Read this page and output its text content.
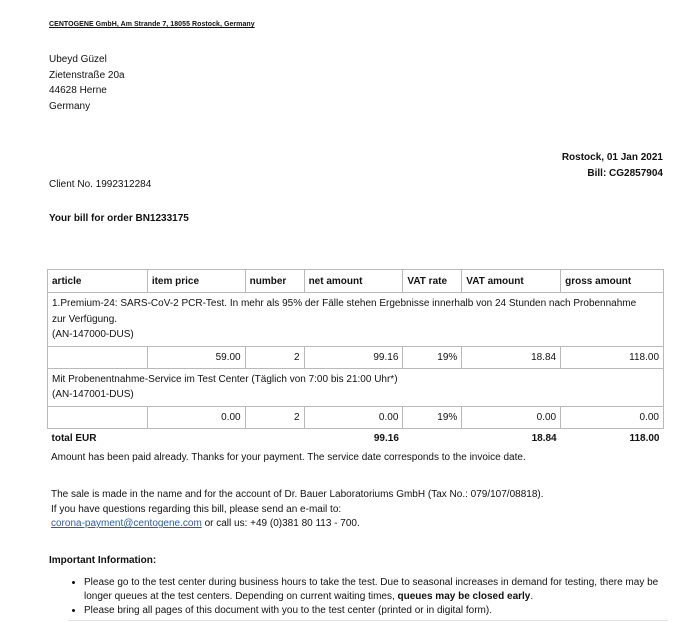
CENTOGENE GmbH, Am Strande 7, 18055 Rostock, Germany
Ubeyd Güzel
Zietenstraße 20a
44628 Herne
Germany
Rostock, 01 Jan 2021
Bill: CG2857904
Client No. 1992312284
Your bill for order BN1233175
article	item price	number	net amount	VAT rate	VAT amount	gross amount

1.Premium-24: SARS-CoV-2 PCR-Test. In mehr als 95% der Fälle stehen Ergebnisse innerhalb von 24 Stunden nach Probennahme
zur Verfügung.
(AN-147000-DUS)						

	59.00	2	99.16	19%	18.84	118.00

Mit Probenentnahme-Service im Test Center (Täglich von 7:00 bis 21:00 Uhr*)
(AN-147001-DUS)						

	0.00	2	0.00	19%	0.00	0.00
total EUR			99.16		18.84	118.00
Amount has been paid already. Thanks for your payment. The service date corresponds to the invoice date.
The sale is made in the name and for the account of Dr. Bauer Laboratoriums GmbH (Tax No.: 079/107/08818).
If you have questions regarding this bill, please send an e-mail to:
corona-payment@centogene.com or call us: +49 (0)381 80 113 - 700.
Important Information:
• Please go to the test center during business hours to take the test. Due to seasonal increases in demand for testing, there may be longer queues at the test centers. Depending on current waiting times, queues may be closed early.
• Please bring all pages of this document with you to the test center (printed or in digital form).
